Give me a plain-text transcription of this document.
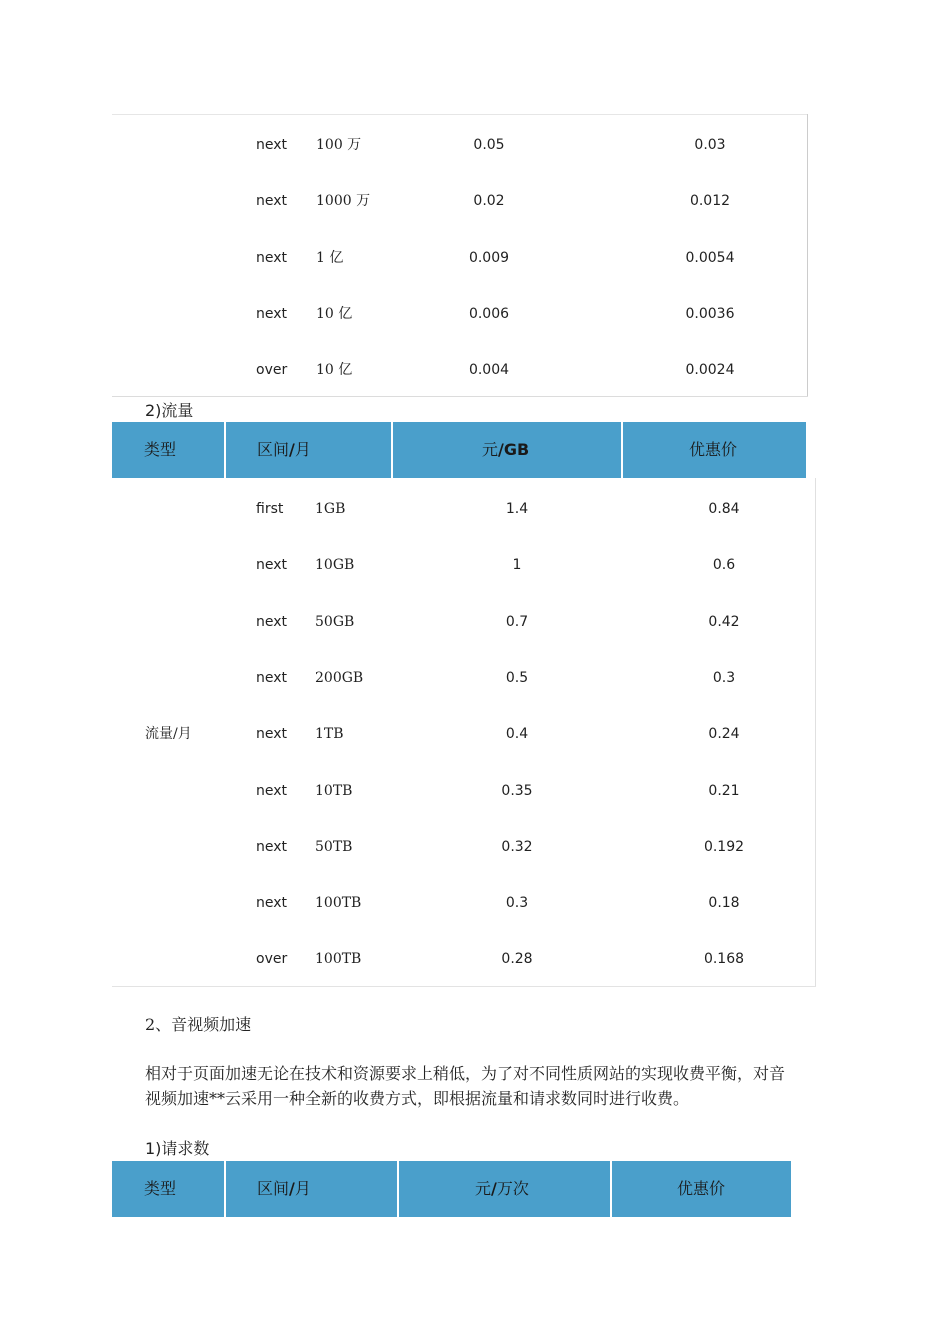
next 100 万	0.05	0.03
next 1000 万	0.02	0.012
next 1 亿	0.009	0.0054
next 10 亿	0.006	0.0036
over 10 亿	0.004	0.0024
2)流量
类型	区间/月	元/GB	优惠价
流量/月
first 1GB	1.4	0.84
next 10GB	1	0.6
next 50GB	0.7	0.42
next 200GB	0.5	0.3
next 1TB	0.4	0.24
next 10TB	0.35	0.21
next 50TB	0.32	0.192
next 100TB	0.3	0.18
over 100TB	0.28	0.168
2、音视频加速
相对于页面加速无论在技术和资源要求上稍低，为了对不同性质网站的实现收费平衡，对音
视频加速**云采用一种全新的收费方式，即根据流量和请求数同时进行收费。
1)请求数
类型	区间/月	元/万次	优惠价
